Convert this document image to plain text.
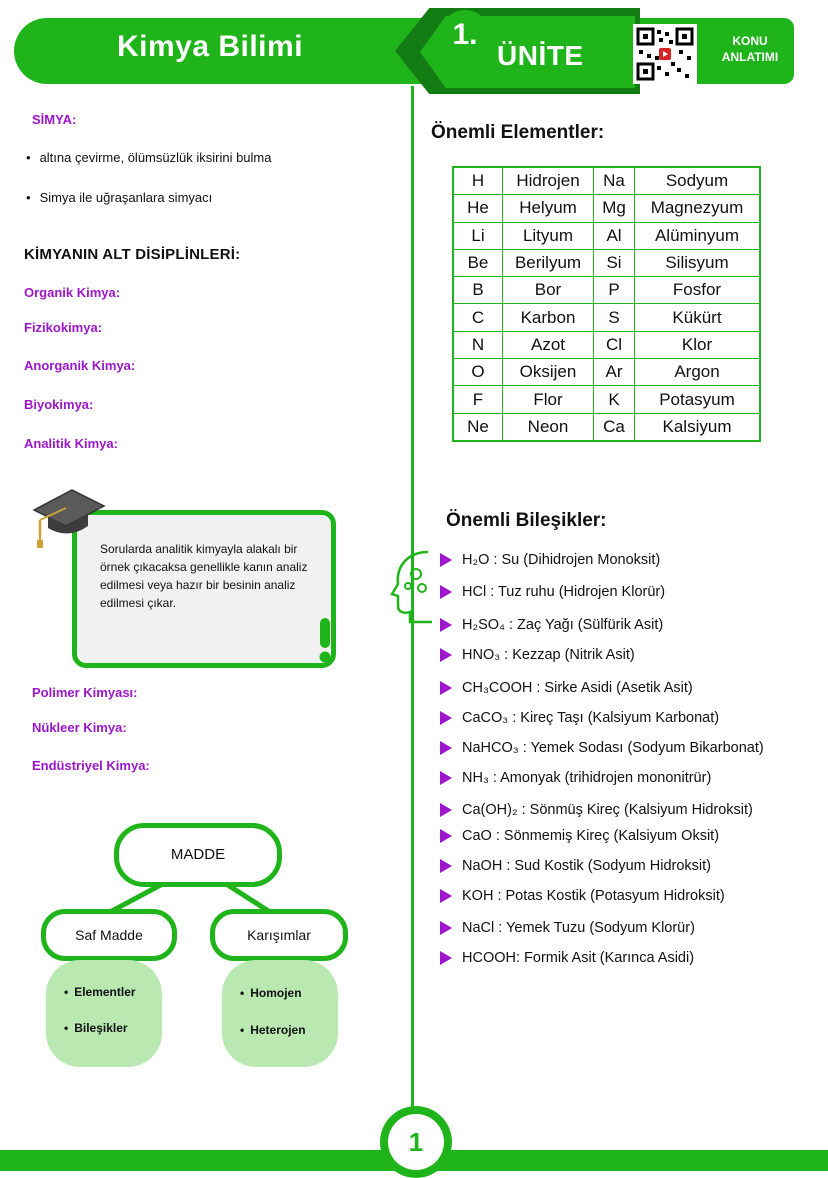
Kimya Bilimi	1.
ÜNİTE	KONU
ANLATIMI
SİMYA:
• altına çevirme, ölümsüzlük iksirini bulma
• Simya ile uğraşanlara simyacı
KİMYANIN ALT DİSİPLİNLERİ:
Organik Kimya:
Fizikokimya:
Anorganik Kimya:
Biyokimya:
Analitik Kimya:
Sorularda analitik kimyayla alakalı bir örnek çıkacaksa genellikle kanın analiz edilmesi veya hazır bir besinin analiz edilmesi çıkar.
Polimer Kimyası:
Nükleer Kimya:
Endüstriyel Kimya:
MADDE
Saf Madde	Karışımlar
• Elementler
• Bileşikler
• Homojen
• Heterojen
Önemli Elementler:
H	Hidrojen	Na	Sodyum
He	Helyum	Mg	Magnezyum
Li	Lityum	Al	Alüminyum
Be	Berilyum	Si	Silisyum
B	Bor	P	Fosfor
C	Karbon	S	Kükürt
N	Azot	Cl	Klor
O	Oksijen	Ar	Argon
F	Flor	K	Potasyum
Ne	Neon	Ca	Kalsiyum
Önemli Bileşikler:
H₂O : Su (Dihidrojen Monoksit)
HCl : Tuz ruhu (Hidrojen Klorür)
H₂SO₄ : Zaç Yağı (Sülfürik Asit)
HNO₃ : Kezzap (Nitrik Asit)
CH₃COOH : Sirke Asidi (Asetik Asit)
CaCO₃ : Kireç Taşı (Kalsiyum Karbonat)
NaHCO₃ : Yemek Sodası (Sodyum Bikarbonat)
NH₃ : Amonyak (trihidrojen mononitrür)
Ca(OH)₂ : Sönmüş Kireç (Kalsiyum Hidroksit)
CaO : Sönmemiş Kireç (Kalsiyum Oksit)
NaOH : Sud Kostik (Sodyum Hidroksit)
KOH : Potas Kostik (Potasyum Hidroksit)
NaCl : Yemek Tuzu (Sodyum Klorür)
HCOOH: Formik Asit (Karınca Asidi)
1
